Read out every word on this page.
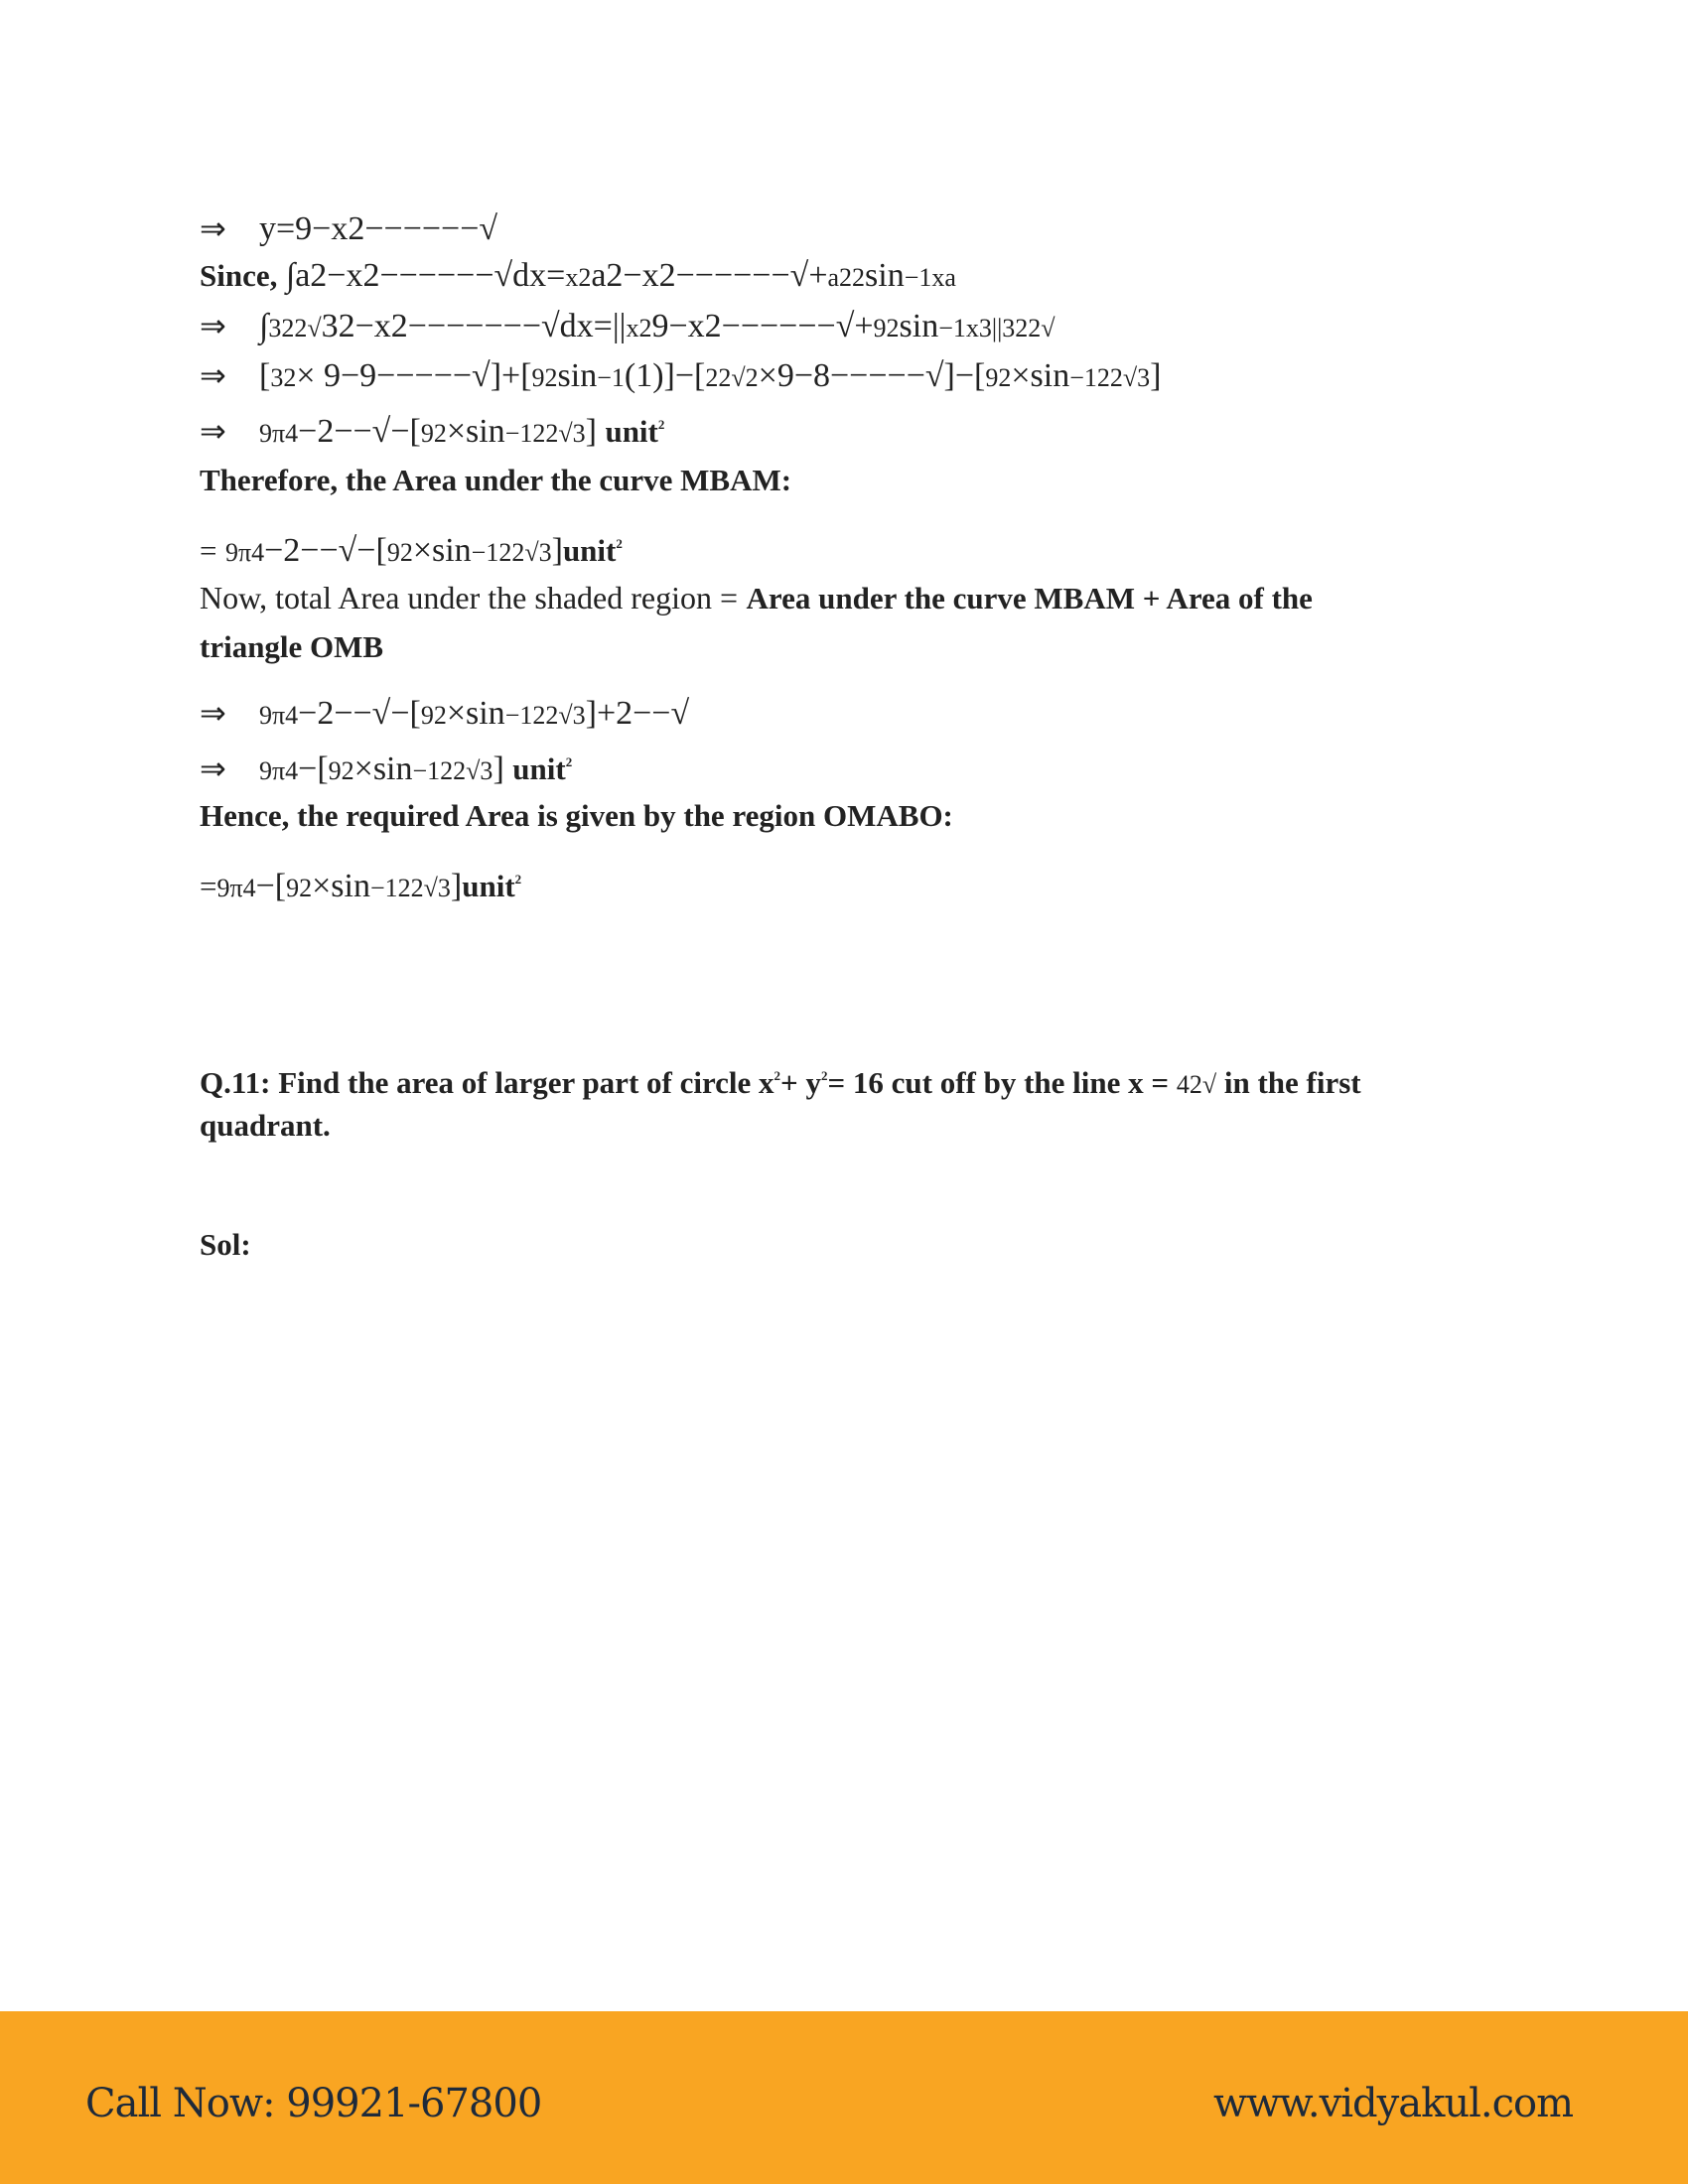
⇒ y=9−x2−−−−−−√
Since, ∫a2−x2−−−−−−√dx=x2a2−x2−−−−−−√+a22sin−1xa
⇒ ∫322√32−x2−−−−−−−√dx=||x29−x2−−−−−−√+92sin−1x3||322√
⇒ [32× 9−9−−−−−√]+[92sin−1(1)]−[22√2×9−8−−−−−√]−[92×sin−122√3]
⇒ 9π4−2−−√−[92×sin−122√3] unit$^2$
Therefore, the Area under the curve MBAM:
= 9π4−2−−√−[92×sin−122√3]unit$^2$
Now, total Area under the shaded region = Area under the curve MBAM + Area of the
triangle OMB
⇒ 9π4−2−−√−[92×sin−122√3]+2−−√
⇒ 9π4−[92×sin−122√3] unit$^2$
Hence, the required Area is given by the region OMABO:
=9π4−[92×sin−122√3]unit$^2$
Q.11: Find the area of larger part of circle $x^2+ y^2= 16$ cut off by the line x = 42√ in the first
quadrant.
Sol:
Call Now: 99921-67800	www.vidyakul.com
